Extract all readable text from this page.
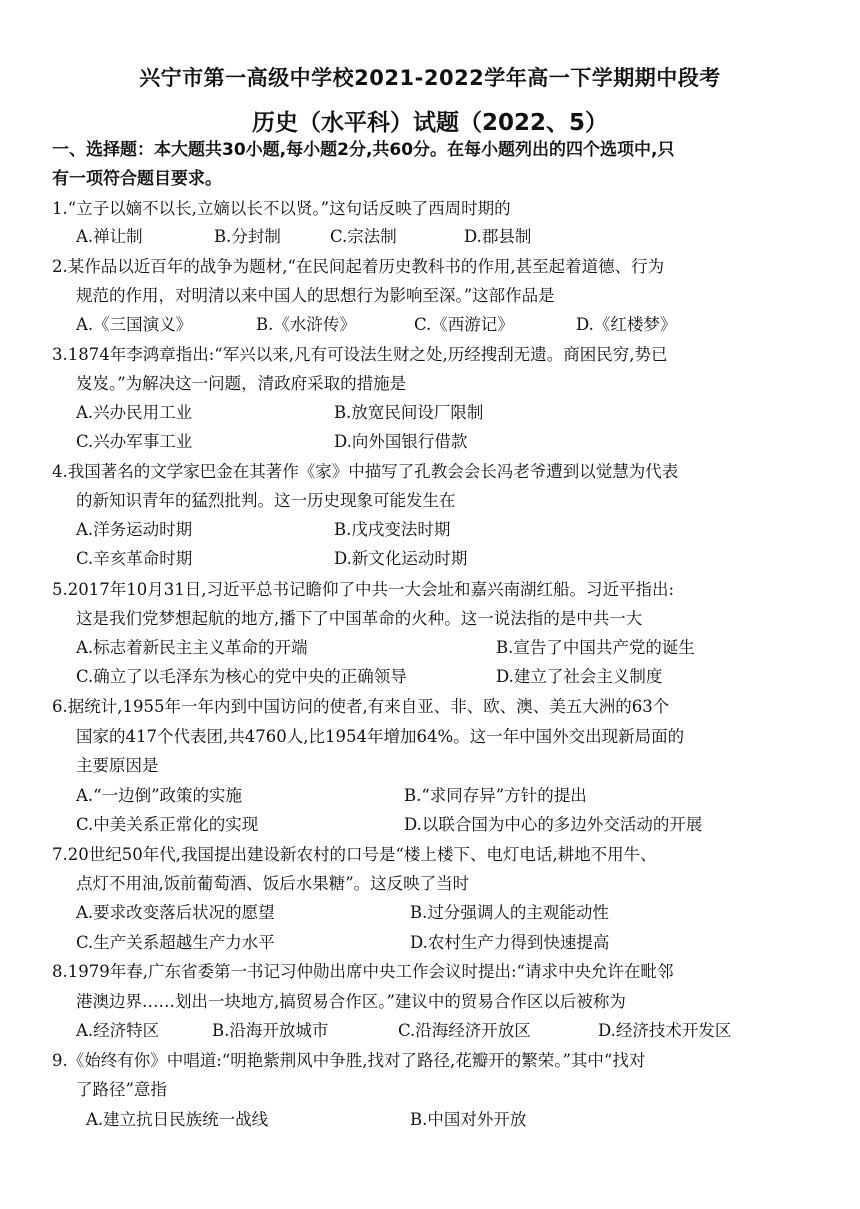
兴宁市第一高级中学校2021-2022学年高一下学期期中段考
历史（水平科）试题（2022、5）
一、选择题：本大题共30小题,每小题2分,共60分。在每小题列出的四个选项中,只
有一项符合题目要求。
1.“立子以嫡不以长,立嫡以长不以贤。”这句话反映了西周时期的
A.禅让制	B.分封制	C.宗法制	D.郡县制
2.某作品以近百年的战争为题材,“在民间起着历史教科书的作用,甚至起着道德、行为
规范的作用，对明清以来中国人的思想行为影响至深。”这部作品是
A.《三国演义》	B.《水浒传》	C.《西游记》	D.《红楼梦》
3.1874年李鸿章指出:“军兴以来,凡有可设法生财之处,历经搜刮无遗。商困民穷,势已
岌岌。”为解决这一问题，清政府采取的措施是
A.兴办民用工业	B.放宽民间设厂限制
C.兴办军事工业	D.向外国银行借款
4.我国著名的文学家巴金在其著作《家》中描写了孔教会会长冯老爷遭到以觉慧为代表
的新知识青年的猛烈批判。这一历史现象可能发生在
A.洋务运动时期	B.戊戌变法时期
C.辛亥革命时期	D.新文化运动时期
5.2017年10月31日,习近平总书记瞻仰了中共一大会址和嘉兴南湖红船。习近平指出:
这是我们党梦想起航的地方,播下了中国革命的火种。这一说法指的是中共一大
A.标志着新民主主义革命的开端	B.宣告了中国共产党的诞生
C.确立了以毛泽东为核心的党中央的正确领导	D.建立了社会主义制度
6.据统计,1955年一年内到中国访问的使者,有来自亚、非、欧、澳、美五大洲的63个
国家的417个代表团,共4760人,比1954年增加64%。这一年中国外交出现新局面的
主要原因是
A.“一边倒”政策的实施	B.“求同存异”方针的提出
C.中美关系正常化的实现	D.以联合国为中心的多边外交活动的开展
7.20世纪50年代,我国提出建设新农村的口号是“楼上楼下、电灯电话,耕地不用牛、
点灯不用油,饭前葡萄酒、饭后水果糖”。这反映了当时
A.要求改变落后状况的愿望	B.过分强调人的主观能动性
C.生产关系超越生产力水平	D.农村生产力得到快速提高
8.1979年春,广东省委第一书记习仲勋出席中央工作会议时提出:“请求中央允许在毗邻
港澳边界……划出一块地方,搞贸易合作区。”建议中的贸易合作区以后被称为
A.经济特区	B.沿海开放城市	C.沿海经济开放区	D.经济技术开发区
9.《始终有你》中唱道:“明艳紫荆风中争胜,找对了路径,花瓣开的繁荣。”其中“找对
了路径”意指
A.建立抗日民族统一战线	B.中国对外开放
